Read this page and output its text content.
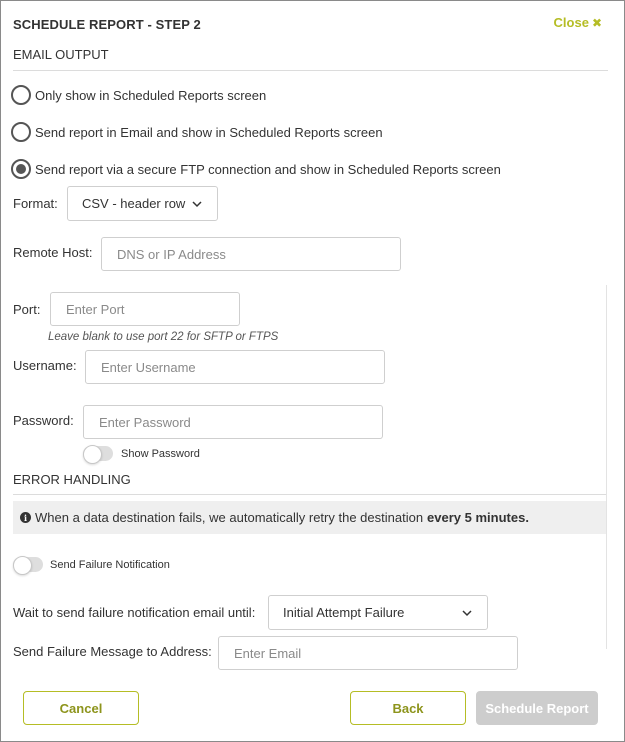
SCHEDULE REPORT - STEP 2	Close ✖
EMAIL OUTPUT
Only show in Scheduled Reports screen
Send report in Email and show in Scheduled Reports screen
Send report via a secure FTP connection and show in Scheduled Reports screen
Format: CSV - header row
Remote Host:
DNS or IP Address
Port:
Enter Port
Leave blank to use port 22 for SFTP or FTPS
Username:
Enter Username
Password:
Show Password
ERROR HANDLING
i When a data destination fails, we automatically retry the destination every 5 minutes.
Send Failure Notification
Wait to send failure notification email until: Initial Attempt Failure
Send Failure Message to Address:
Enter Email
Cancel	Back	Schedule Report
